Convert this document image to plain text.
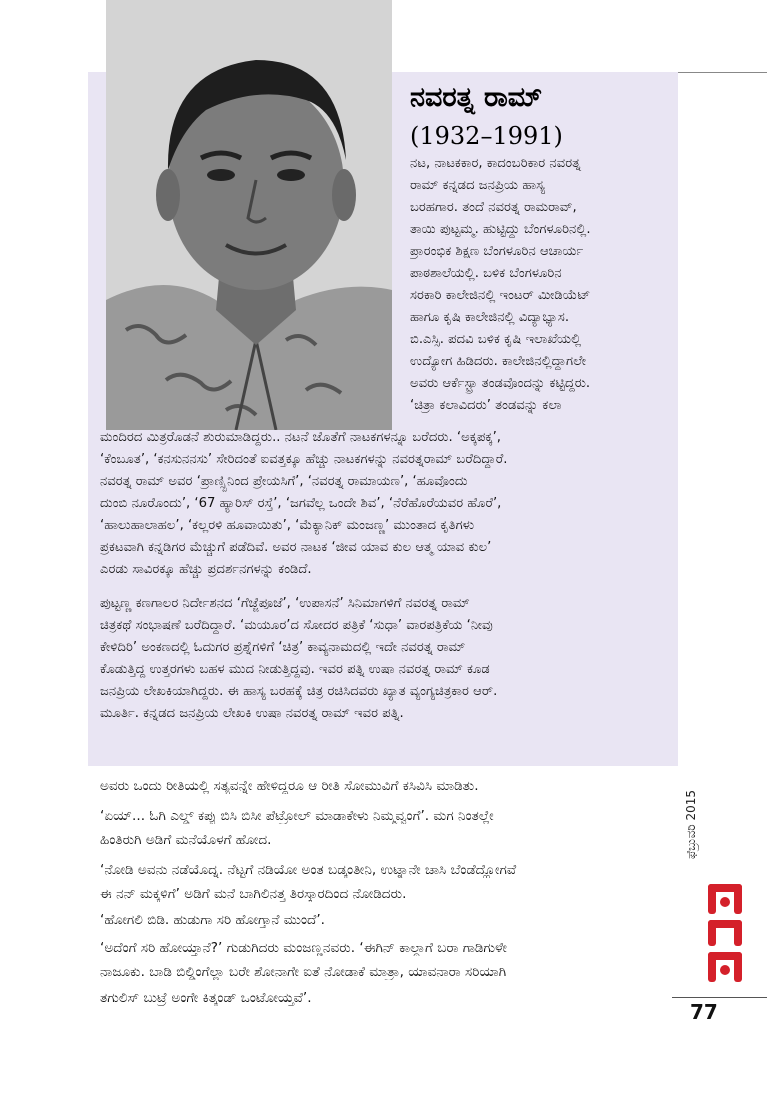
ನವರತ್ನ ರಾಮ್
(1932–1991)
ನಟ, ನಾಟಕಕಾರ, ಕಾದಂಬರಿಕಾರ ನವರತ್ನ
ರಾಮ್ ಕನ್ನಡದ ಜನಪ್ರಿಯ ಹಾಸ್ಯ
ಬರಹಗಾರ. ತಂದೆ ನವರತ್ನ ರಾಮರಾವ್,
ತಾಯಿ ಪುಟ್ಟಮ್ಮ. ಹುಟ್ಟಿದ್ದು ಬೆಂಗಳೂರಿನಲ್ಲಿ.
ಪ್ರಾರಂಭಿಕ ಶಿಕ್ಷಣ ಬೆಂಗಳೂರಿನ ಆಚಾರ್ಯ
ಪಾಠಶಾಲೆಯಲ್ಲಿ. ಬಳಿಕ ಬೆಂಗಳೂರಿನ
ಸರಕಾರಿ ಕಾಲೇಜಿನಲ್ಲಿ ಇಂಟರ್ ಮೀಡಿಯೆಟ್
ಹಾಗೂ ಕೃಷಿ ಕಾಲೇಜಿನಲ್ಲಿ ವಿದ್ಯಾಭ್ಯಾಸ.
ಬಿ.ಎಸ್ಸಿ. ಪದವಿ ಬಳಿಕ ಕೃಷಿ ಇಲಾಖೆಯಲ್ಲಿ
ಉದ್ಯೋಗ ಹಿಡಿದರು. ಕಾಲೇಜಿನಲ್ಲಿದ್ದಾಗಲೇ
ಅವರು ಆರ್ಕೆಸ್ಟ್ರಾ ತಂಡವೊಂದನ್ನು ಕಟ್ಟಿದ್ದರು.
‘ಚಿತ್ರಾ ಕಲಾವಿದರು’ ತಂಡವನ್ನು ಕಲಾ
ಮಂದಿರದ ಮಿತ್ರರೊಡನೆ ಶುರುಮಾಡಿದ್ದರು.. ನಟನೆ ಜೊತೆಗೆ ನಾಟಕಗಳನ್ನೂ ಬರೆದರು. ‘ಅಕ್ಕಪಕ್ಕ’,
‘ಕೆಂಬೂತ’, ‘ಕನಸುನನಸು’ ಸೇರಿದಂತೆ ಐವತ್ತಕ್ಕೂ ಹೆಚ್ಚು ನಾಟಕಗಳನ್ನು ನವರತ್ನರಾಮ್ ಬರೆದಿದ್ದಾರೆ.
ನವರತ್ನ ರಾಮ್ ಅವರ ‘ಪ್ರಾಣ್ಸ್ಪಿನಿಂದ ಪ್ರೇಯಸಿಗೆ’, ‘ನವರತ್ನ ರಾಮಾಯಣ’, ‘ಹೂವೊಂದು
ದುಂಬಿ ನೂರೊಂದು’, ‘67 ಹ್ಯಾರಿಸ್ ರಸ್ತೆ’, ‘ಜಗವೆಲ್ಲ ಒಂದೇ ಶಿವ’, ‘ನೆರೆಹೊರೆಯವರ ಹೊರೆ’,
‘ಹಾಲುಹಾಲಾಹಲ’, ‘ಕಲ್ಲರಳಿ ಹೂವಾಯಿತು’, ‘ಮೆಕ್ಯಾನಿಕ್ ಮಂಜಣ್ಣ’ ಮುಂತಾದ ಕೃತಿಗಳು
ಪ್ರಕಟವಾಗಿ ಕನ್ನಡಿಗರ ಮೆಚ್ಚುಗೆ ಪಡೆದಿವೆ. ಅವರ ನಾಟಕ ‘ಜೀವ ಯಾವ ಕುಲ ಆತ್ಮ ಯಾವ ಕುಲ’
ಎರಡು ಸಾವಿರಕ್ಕೂ ಹೆಚ್ಚು ಪ್ರದರ್ಶನಗಳನ್ನು ಕಂಡಿದೆ.
ಪುಟ್ಟಣ್ಣ ಕಣಗಾಲರ ನಿರ್ದೇಶನದ ‘ಗೆಜ್ಜೆಪೂಜೆ’, ‘ಉಪಾಸನೆ’ ಸಿನಿಮಾಗಳಿಗೆ ನವರತ್ನ ರಾಮ್
ಚಿತ್ರಕಥೆ ಸಂಭಾಷಣೆ ಬರೆದಿದ್ದಾರೆ. ‘ಮಯೂರ’ದ ಸೋದರ ಪತ್ರಿಕೆ ‘ಸುಧಾ’ ವಾರಪತ್ರಿಕೆಯ ‘ನೀವು
ಕೇಳಿದಿರಿ’ ಅಂಕಣದಲ್ಲಿ ಓದುಗರ ಪ್ರಶ್ನೆಗಳಿಗೆ ‘ಚಿತ್ರ’ ಕಾವ್ಯನಾಮದಲ್ಲಿ ಇದೇ ನವರತ್ನ ರಾಮ್
ಕೊಡುತ್ತಿದ್ದ ಉತ್ತರಗಳು ಬಹಳ ಮುದ ನೀಡುತ್ತಿದ್ದವು. ಇವರ ಪತ್ನಿ ಉಷಾ ನವರತ್ನ ರಾಮ್ ಕೂಡ
ಜನಪ್ರಿಯ ಲೇಖಕಿಯಾಗಿದ್ದರು. ಈ ಹಾಸ್ಯ ಬರಹಕ್ಕೆ ಚಿತ್ರ ರಚಿಸಿದವರು ಖ್ಯಾತ ವ್ಯಂಗ್ಯಚಿತ್ರಕಾರ ಆರ್.
ಮೂರ್ತಿ. ಕನ್ನಡದ ಜನಪ್ರಿಯ ಲೇಖಕಿ ಉಷಾ ನವರತ್ನ ರಾಮ್ ಇವರ ಪತ್ನಿ.
ಅವರು ಒಂದು ರೀತಿಯಲ್ಲಿ ಸತ್ಯವನ್ನೇ ಹೇಳಿದ್ದರೂ ಆ ರೀತಿ ಸೋಮುವಿಗೆ ಕಸಿವಿಸಿ ಮಾಡಿತು.
‘ಏಯ್... ಓಗಿ ಎಲ್ಡ್ ಕಪ್ಪು ಬಿಸಿ ಬಿಸೀ ಪೆಟ್ರೋಲ್ ಮಾಡಾಕೇಳು ನಿಮ್ಮವ್ವಂಗೆ’. ಮಗ ನಿಂತಲ್ಲೇ
ಹಿಂತಿರುಗಿ ಅಡಿಗೆ ಮನೆಯೊಳಗೆ ಹೋದ.
‘ನೋಡಿ ಅವನು ನಡೆಯೊದ್ನ. ನೆಟ್ಟಗೆ ನಡಿಯೋ ಅಂತ ಬಡ್ಕಂತೀನಿ, ಉಟ್ನಾನೇ ಚಾಸಿ ಬೆಂಡೆದ್ಹೋಗವೆ
ಈ ನನ್ ಮಕ್ಕಳಿಗೆ’ ಅಡಿಗೆ ಮನೆ ಬಾಗಿಲಿನತ್ತ ತಿರಸ್ಕಾರದಿಂದ ನೋಡಿದರು.
‘ಹೋಗಲಿ ಬಿಡಿ. ಹುಡುಗಾ ಸರಿ ಹೋಗ್ತಾನೆ ಮುಂದೆ’.
‘ಅದೆಂಗೆ ಸರಿ ಹೋಯ್ತಾನೆ?’ ಗುಡುಗಿದರು ಮಂಜಣ್ಣನವರು. ‘ಈಗಿನ್ ಕಾಲ್ದಾಗೆ ಬರಾ ಗಾಡಿಗುಳೇ
ನಾಜೂಕು. ಬಾಡಿ ಬಿಲ್ಡಿಂಗೆಲ್ಲಾ ಬರೇ ಶೋನಾಗೇ ಐತೆ ನೋಡಾಕೆ ಮಾತ್ರಾ, ಯಾವನಾರಾ ಸರಿಯಾಗಿ
ತಗುಲಿಸ್ ಬುಟ್ರೆ ಅಂಗೇ ಕಿತ್ಕಂಡ್ ಒಂಟೋಯ್ತವೆ’.
ಫೆಬ್ರುವರಿ 2015
77
